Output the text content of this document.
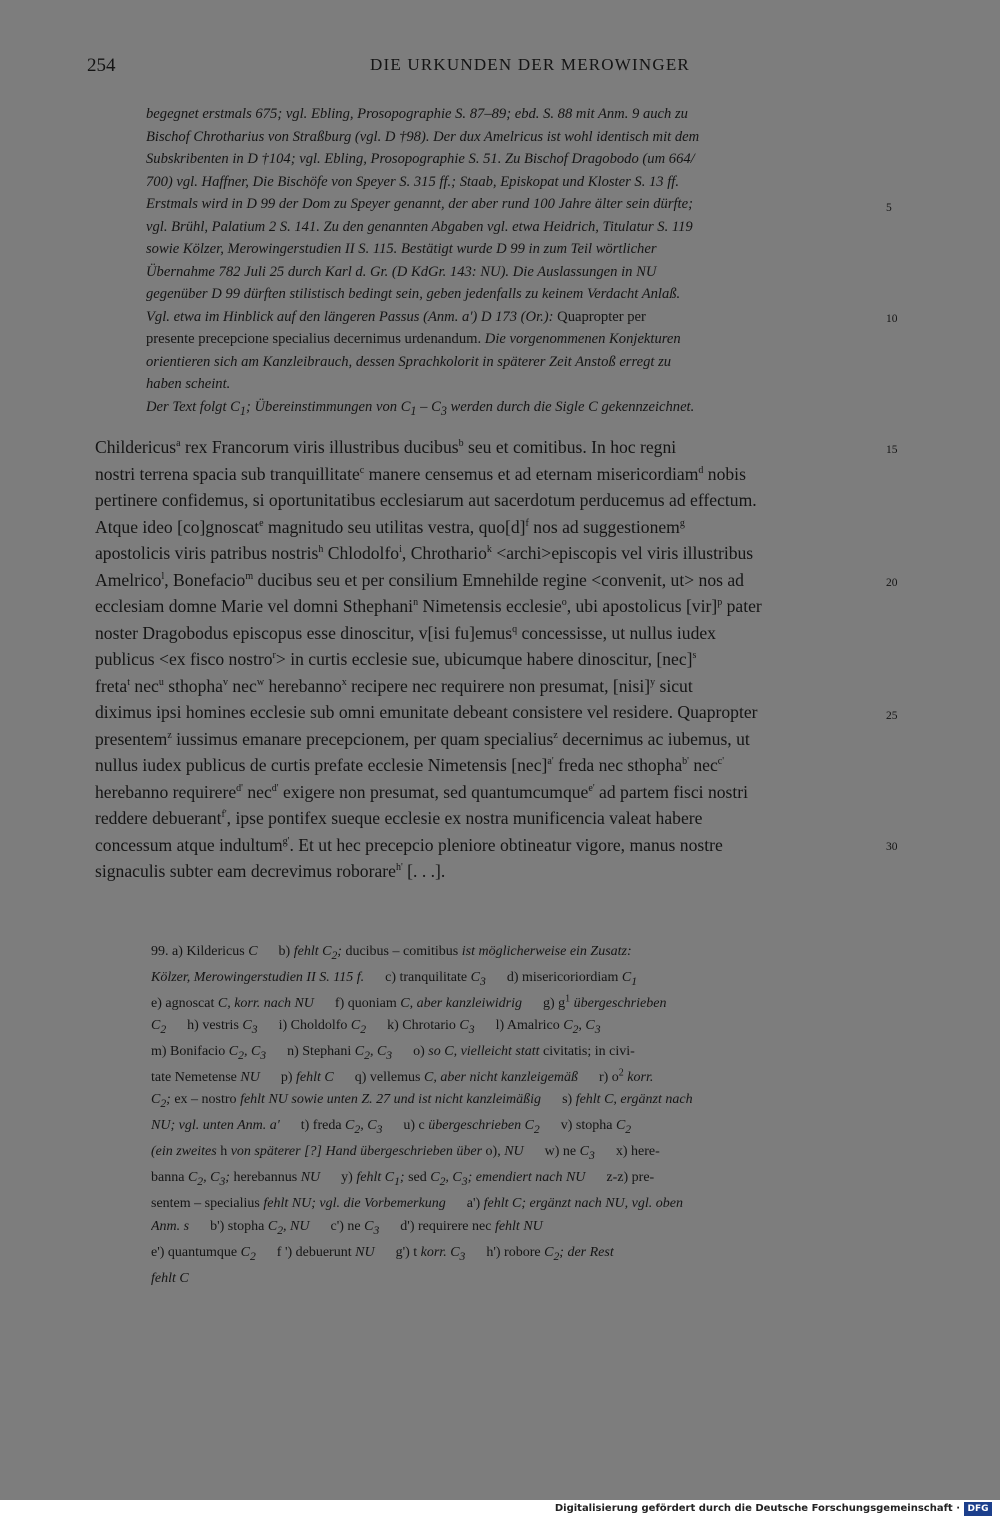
254	DIE URKUNDEN DER MEROWINGER
begegnet erstmals 675; vgl. Ebling, Prosopographie S. 87–89; ebd. S. 88 mit Anm. 9 auch zu
Bischof Chrotharius von Straßburg (vgl. D †98). Der dux Amelricus ist wohl identisch mit dem
Subskribenten in D †104; vgl. Ebling, Prosopographie S. 51. Zu Bischof Dragobodo (um 664/
700) vgl. Haffner, Die Bischöfe von Speyer S. 315 ff.; Staab, Episkopat und Kloster S. 13 ff.
Erstmals wird in D 99 der Dom zu Speyer genannt, der aber rund 100 Jahre älter sein dürfte;
vgl. Brühl, Palatium 2 S. 141. Zu den genannten Abgaben vgl. etwa Heidrich, Titulatur S. 119
sowie Kölzer, Merowingerstudien II S. 115. Bestätigt wurde D 99 in zum Teil wörtlicher
Übernahme 782 Juli 25 durch Karl d. Gr. (D KdGr. 143: NU). Die Auslassungen in NU
gegenüber D 99 dürften stilistisch bedingt sein, geben jedenfalls zu keinem Verdacht Anlaß.
Vgl. etwa im Hinblick auf den längeren Passus (Anm. a') D 173 (Or.): Quapropter per
presente precepcione specialius decernimus urdenandum. Die vorgenommenen Konjekturen
orientieren sich am Kanzleibrauch, dessen Sprachkolorit in späterer Zeit Anstoß erregt zu
haben scheint.
Der Text folgt $C_1$; Übereinstimmungen von $C_1 - C_3$ werden durch die Sigle C gekennzeichnet.
5
10
15
20
25
30
Childericus$^a$ rex Francorum viris illustribus ducibus$^b$ seu et comitibus. In hoc regni
nostri terrena spacia sub tranquillitate$^c$ manere censemus et ad eternam misericordiam$^d$ nobis
pertinere confidemus, si oportunitatibus ecclesiarum aut sacerdotum perducemus ad effectum.
Atque ideo [co]gnoscat$^e$ magnitudo seu utilitas vestra, $quo[d]^f$ nos ad suggestionem$^g$
apostolicis viris patribus nostris$^h$ Chlodolfo$^i$, Chrothario$^k$ <archi>episcopis vel viris illustribus
Amelrico$^l$, Bonefacio$^m$ ducibus seu et per consilium Emnehilde regine <convenit, ut> nos ad
ecclesiam domne Marie vel domni Sthephani$^n$ Nimetensis ecclesie$^o$, ubi apostolicus [vir]$^p$ pater
noster Dragobodus episcopus esse dinoscitur, v[isi fu]emus$^q$ concessisse, ut nullus iudex
publicus <ex fisco nostro$^r$> in curtis ecclesie sue, ubicumque habere dinoscitur, [nec]$^s$
freta$^t$ nec$^u$ sthopha$^v$ nec$^w$ herebanno$^x$ recipere nec requirere non presumat, [nisi]$^y$ sicut
diximus ipsi homines ecclesie sub omni emunitate debeant consistere vel residere. Quapropter
presentem$^z$ iussimus emanare precepcionem, per quam specialius$^z$ decernimus ac iubemus, ut
nullus iudex publicus de curtis prefate ecclesie Nimetensis [nec]$^{a'}$ freda nec sthopha$^{b'}$ nec$^{c'}$
herebanno requirere$^{d'}$ nec$^{d'}$ exigere non presumat, sed quantumcumque$^{e'}$ ad partem fisci nostri
reddere debuerant$^{f'}$, ipse pontifex sueque ecclesie ex nostra munificencia valeat habere
concessum atque indultum$^{g'}$. Et ut hec precepcio pleniore obtineatur vigore, manus nostre
signaculis subter eam decrevimus roborare$^{h'}$ [. . .].
99. a) Kildericus C      b) fehlt $C_2$; ducibus – comitibus ist möglicherweise ein Zusatz:
Kölzer, Merowingerstudien II S. 115 f.      c) tranquilitate $C_3$      d) misericoriordiam $C_1$
e) agnoscat C, korr. nach NU      f) quoniam C, aber kanzleiwidrig      g) $g^1$ übergeschrieben
$C_2$      h) vestris $C_3$      i) Choldolfo $C_2$      k) Chrotario $C_3$      l) Amalrico $C_2$, $C_3$
m) Bonifacio $C_2$, $C_3$      n) Stephani $C_2$, $C_3$      o) so C, vielleicht statt civitatis; in civi-
tate Nemetense NU      p) fehlt C      q) vellemus C, aber nicht kanzleigemäß      r) $o^2$ korr.
$C_2$; ex – nostro fehlt NU sowie unten Z. 27 und ist nicht kanzleimäßig      s) fehlt C, ergänzt nach
NU; vgl. unten Anm. a'      t) freda $C_2$, $C_3$      u) c übergeschrieben $C_2$      v) stopha $C_2$
(ein zweites h von späterer [?] Hand übergeschrieben über o), NU      w) ne $C_3$      x) here-
banna $C_2$, $C_3$; herebannus NU      y) fehlt $C_1$; sed $C_2$, $C_3$; emendiert nach NU      z-z) pre-
sentem – specialius fehlt NU; vgl. die Vorbemerkung      a') fehlt C; ergänzt nach NU, vgl. oben
Anm. s      b') stopha $C_2$, NU      c') ne $C_3$      d') requirere nec fehlt NU
e') quantumque $C_2$      f ') debuerunt NU      g') t korr. $C_3$      h') robore $C_2$; der Rest
fehlt C
Digitalisierung gefördert durch die Deutsche Forschungsgemeinschaft · DFG
